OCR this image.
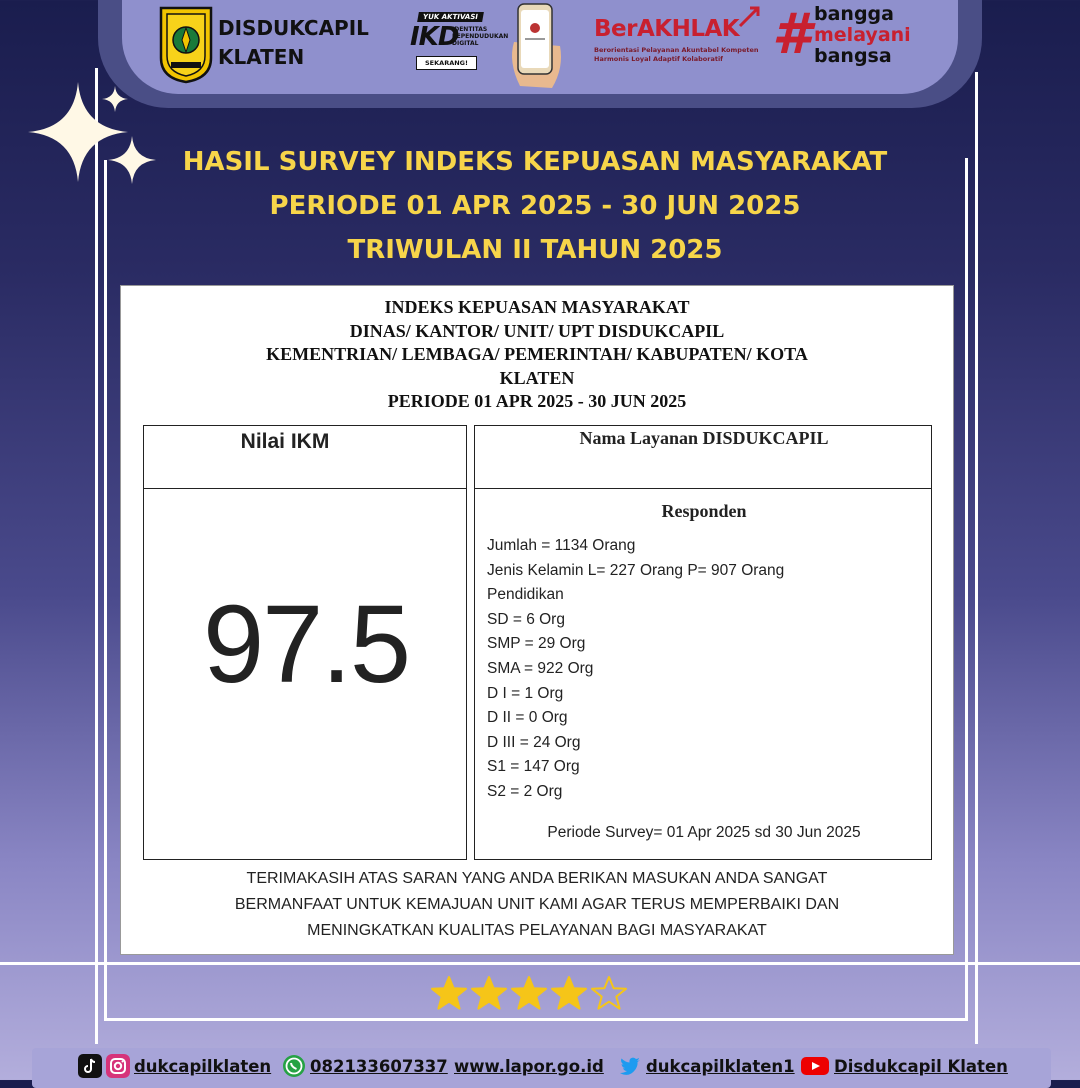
DISDUKCAPIL
KLATEN
YUK AKTIVASI
IKD
IDENTITAS KEPENDUDUKAN DIGITAL
SEKARANG!
BerAKHLAK
Berorientasi Pelayanan Akuntabel Kompeten Harmonis Loyal Adaptif Kolaboratif # bangga
melayani
bangsa
HASIL SURVEY INDEKS KEPUASAN MASYARAKAT
PERIODE 01 APR 2025 - 30 JUN 2025
TRIWULAN II TAHUN 2025
INDEKS KEPUASAN MASYARAKAT
DINAS/ KANTOR/ UNIT/ UPT DISDUKCAPIL
KEMENTRIAN/ LEMBAGA/ PEMERINTAH/ KABUPATEN/ KOTA
KLATEN
PERIODE 01 APR 2025 - 30 JUN 2025
Nilai IKM	Nama Layanan DISDUKCAPIL
97.5
Responden
Jumlah = 1134 Orang
Jenis Kelamin L= 227 Orang P= 907 Orang
Pendidikan
SD = 6 Org
SMP = 29 Org
SMA = 922 Org
D I = 1 Org
D II = 0 Org
D III = 24 Org
S1 = 147 Org
S2 = 2 Org
Periode Survey= 01 Apr 2025 sd 30 Jun 2025
TERIMAKASIH ATAS SARAN YANG ANDA BERIKAN MASUKAN ANDA SANGAT
BERMANFAAT UNTUK KEMAJUAN UNIT KAMI AGAR TERUS MEMPERBAIKI DAN
MENINGKATKAN KUALITAS PELAYANAN BAGI MASYARAKAT
dukcapilklaten 082133607337 www.lapor.go.id	dukcapilklaten1 Disdukcapil Klaten
